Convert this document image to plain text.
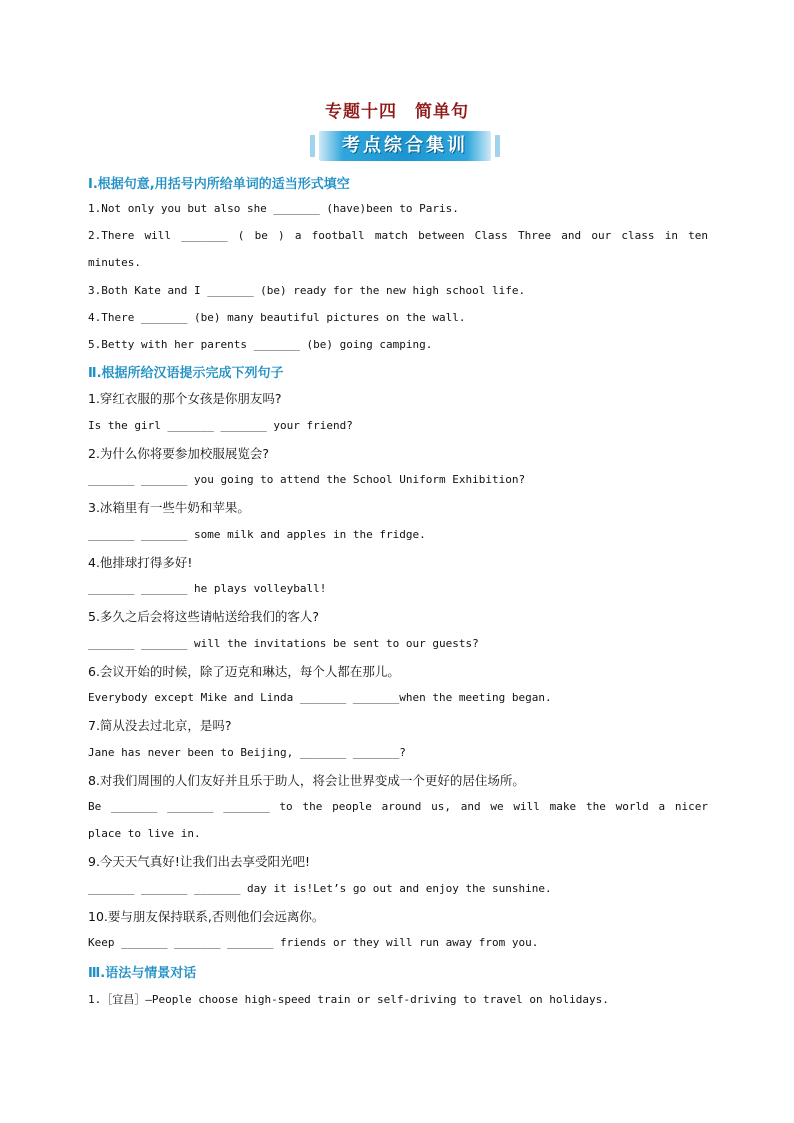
专题十四　简单句
考点综合集训
Ⅰ.根据句意,用括号内所给单词的适当形式填空
1.Not only you but also she _______ (have)been to Paris.
2.There will _______ ( be ) a football match between Class Three and our class in ten
minutes.
3.Both Kate and I _______ (be) ready for the new high school life.
4.There _______ (be) many beautiful pictures on the wall.
5.Betty with her parents _______ (be) going camping.
Ⅱ.根据所给汉语提示完成下列句子
1.穿红衣服的那个女孩是你朋友吗?
Is the girl _______ _______ your friend?
2.为什么你将要参加校服展览会?
_______ _______ you going to attend the School Uniform Exhibition?
3.冰箱里有一些牛奶和苹果。
_______ _______ some milk and apples in the fridge.
4.他排球打得多好!
_______ _______ he plays volleyball!
5.多久之后会将这些请帖送给我们的客人?
_______ _______ will the invitations be sent to our guests?
6.会议开始的时候，除了迈克和琳达，每个人都在那儿。
Everybody except Mike and Linda _______ _______when the meeting began.
7.简从没去过北京，是吗?
Jane has never been to Beijing, _______ _______?
8.对我们周围的人们友好并且乐于助人，将会让世界变成一个更好的居住场所。
Be _______ _______ _______ to the people around us, and we will make the world a nicer
place to live in.
9.今天天气真好!让我们出去享受阳光吧!
_______ _______ _______ day it is!Let’s go out and enjoy the sunshine.
10.要与朋友保持联系,否则他们会远离你。
Keep _______ _______ _______ friends or they will run away from you.
Ⅲ.语法与情景对话
1.［宜昌］—People choose high-speed train or self-driving to travel on holidays.
